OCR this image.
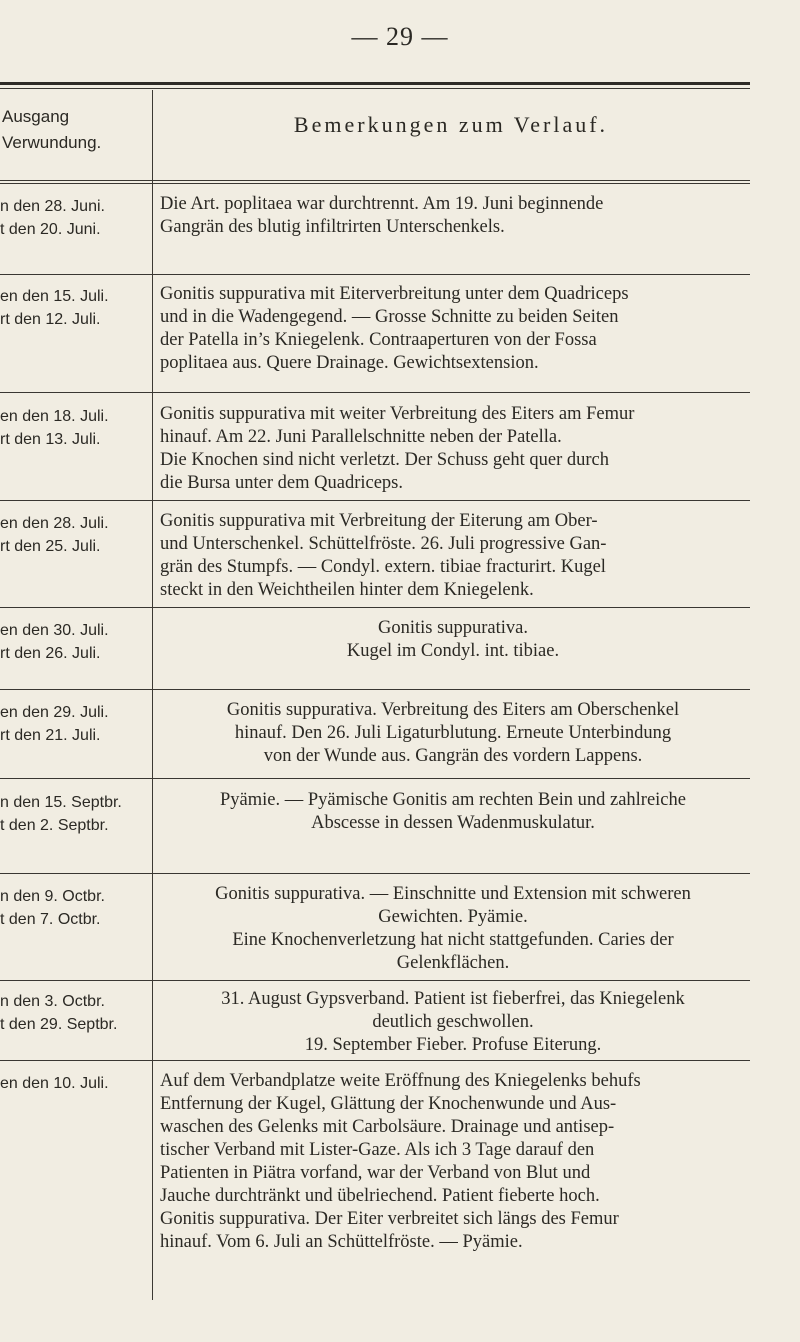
— 29 —
Ausgang
Verwundung.
Bemerkungen zum Verlauf.
n den 28. Juni.
t den 20. Juni.
Die Art. poplitaea war durchtrennt. Am 19. Juni beginnende
Gangrän des blutig infiltrirten Unterschenkels.
en den 15. Juli.
rt den 12. Juli.
Gonitis suppurativa mit Eiterverbreitung unter dem Quadriceps
und in die Wadengegend. — Grosse Schnitte zu beiden Seiten
der Patella in’s Kniegelenk. Contraaperturen von der Fossa
poplitaea aus. Quere Drainage. Gewichtsextension.
en den 18. Juli.
rt den 13. Juli.
Gonitis suppurativa mit weiter Verbreitung des Eiters am Femur
hinauf. Am 22. Juni Parallelschnitte neben der Patella.
Die Knochen sind nicht verletzt. Der Schuss geht quer durch
die Bursa unter dem Quadriceps.
en den 28. Juli.
rt den 25. Juli.
Gonitis suppurativa mit Verbreitung der Eiterung am Ober-
und Unterschenkel. Schüttelfröste. 26. Juli progressive Gan-
grän des Stumpfs. — Condyl. extern. tibiae fracturirt. Kugel
steckt in den Weichtheilen hinter dem Kniegelenk.
en den 30. Juli.
rt den 26. Juli.
Gonitis suppurativa.
Kugel im Condyl. int. tibiae.
en den 29. Juli.
rt den 21. Juli.
Gonitis suppurativa. Verbreitung des Eiters am Oberschenkel
hinauf. Den 26. Juli Ligaturblutung. Erneute Unterbindung
von der Wunde aus. Gangrän des vordern Lappens.
n den 15. Septbr.
t den 2. Septbr.
Pyämie. — Pyämische Gonitis am rechten Bein und zahlreiche
Abscesse in dessen Wadenmuskulatur.
n den 9. Octbr.
t den 7. Octbr.
Gonitis suppurativa. — Einschnitte und Extension mit schweren
Gewichten. Pyämie.
Eine Knochenverletzung hat nicht stattgefunden. Caries der
Gelenkflächen.
n den 3. Octbr.
t den 29. Septbr.
31. August Gypsverband. Patient ist fieberfrei, das Kniegelenk
deutlich geschwollen.
19. September Fieber. Profuse Eiterung.
en den 10. Juli.	Auf dem Verbandplatze weite Eröffnung des Kniegelenks behufs
Entfernung der Kugel, Glättung der Knochenwunde und Aus-
waschen des Gelenks mit Carbolsäure. Drainage und antisep-
tischer Verband mit Lister-Gaze. Als ich 3 Tage darauf den
Patienten in Piätra vorfand, war der Verband von Blut und
Jauche durchtränkt und übelriechend. Patient fieberte hoch.
Gonitis suppurativa. Der Eiter verbreitet sich längs des Femur
hinauf. Vom 6. Juli an Schüttelfröste. — Pyämie.
